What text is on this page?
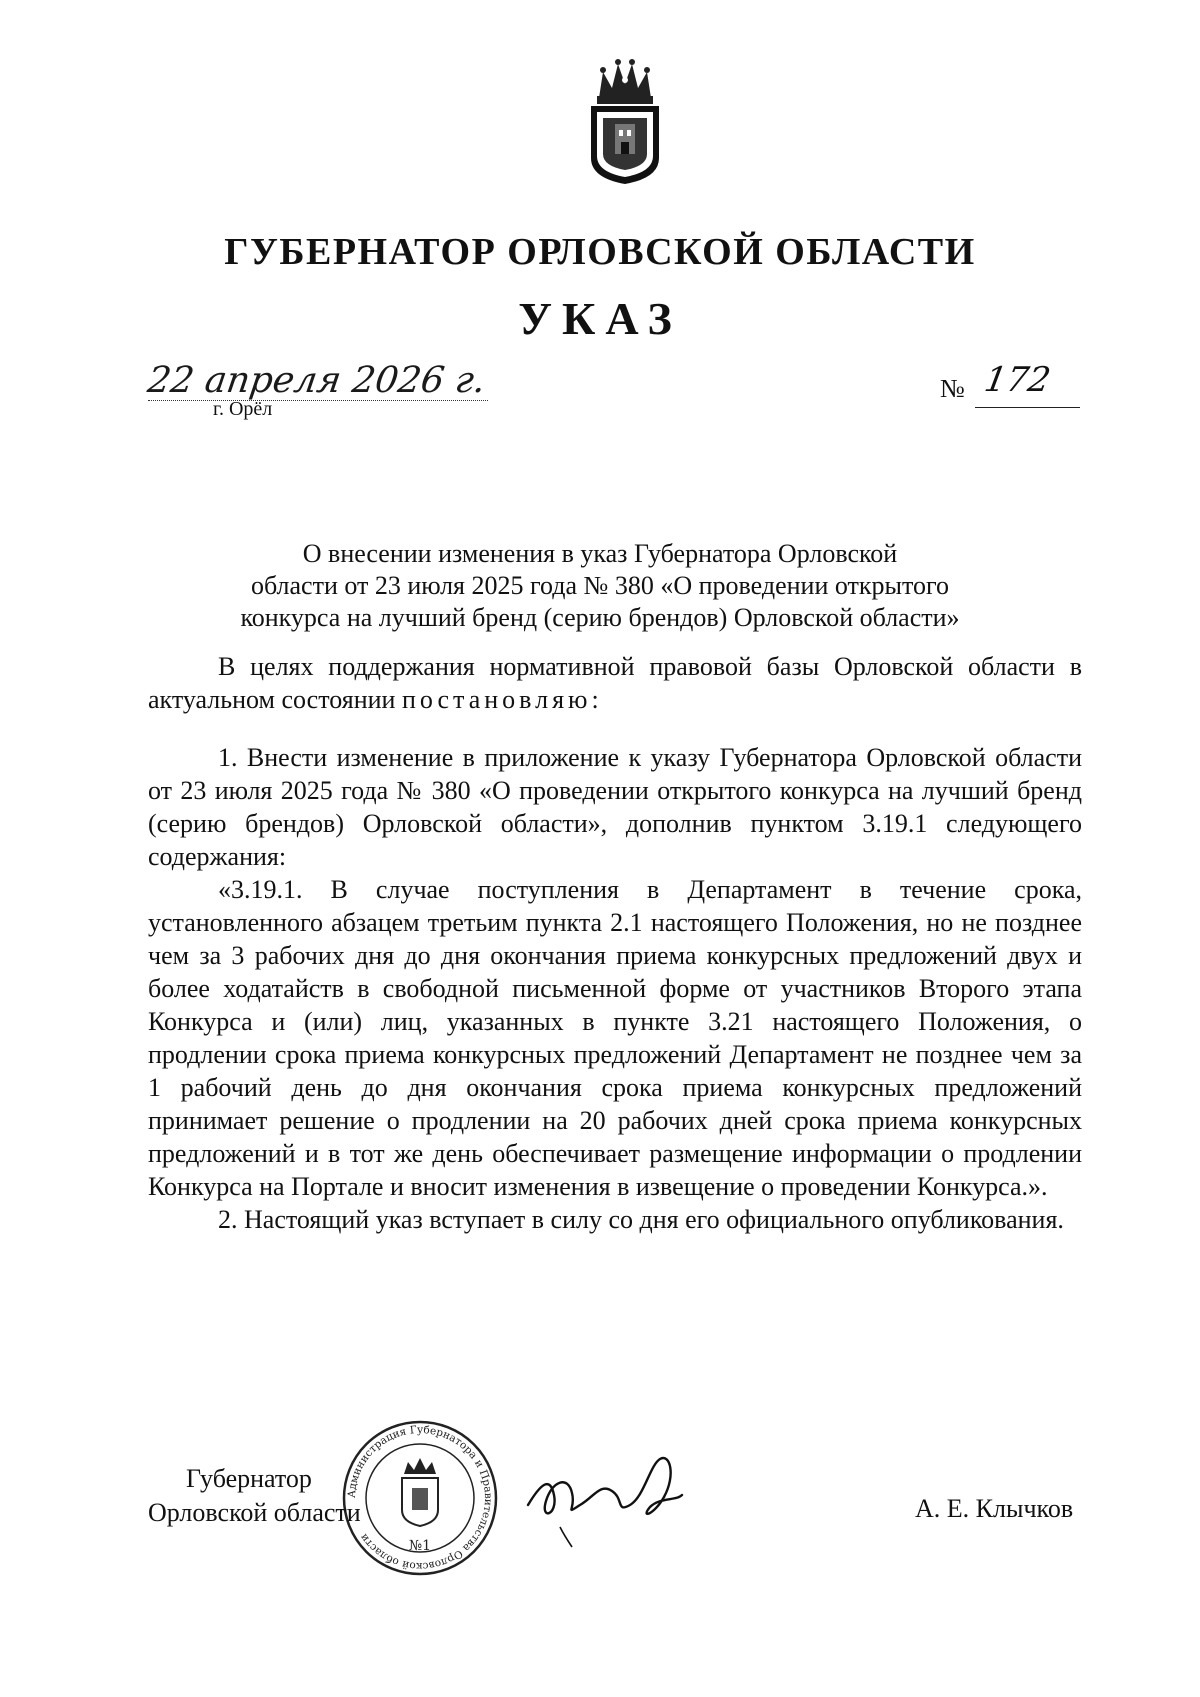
ГУБЕРНАТОР ОРЛОВСКОЙ ОБЛАСТИ
УКАЗ
22 апреля 2026 г.
г. Орёл
№ 172
О внесении изменения в указ Губернатора Орловской
области от 23 июля 2025 года № 380 «О проведении открытого
конкурса на лучший бренд (серию брендов) Орловской области»

В целях поддержания нормативной правовой базы Орловской области в актуальном состоянии постановляю:

1. Внести изменение в приложение к указу Губернатора Орловской области от 23 июля 2025 года № 380 «О проведении открытого конкурса на лучший бренд (серию брендов) Орловской области», дополнив пунктом 3.19.1 следующего содержания:

«3.19.1. В случае поступления в Департамент в течение срока, установленного абзацем третьим пункта 2.1 настоящего Положения, но не позднее чем за 3 рабочих дня до дня окончания приема конкурсных предложений двух и более ходатайств в свободной письменной форме от участников Второго этапа Конкурса и (или) лиц, указанных в пункте 3.21 настоящего Положения, о продлении срока приема конкурсных предложений Департамент не позднее чем за 1 рабочий день до дня окончания срока приема конкурсных предложений принимает решение о продлении на 20 рабочих дней срока приема конкурсных предложений и в тот же день обеспечивает размещение информации о продлении Конкурса на Портале и вносит изменения в извещение о проведении Конкурса.».

2. Настоящий указ вступает в силу со дня его официального опубликования.

Администрация Губернатора и Правительства Орловской области
№1
Губернатор
Орловской области	А. Е. Клычков
